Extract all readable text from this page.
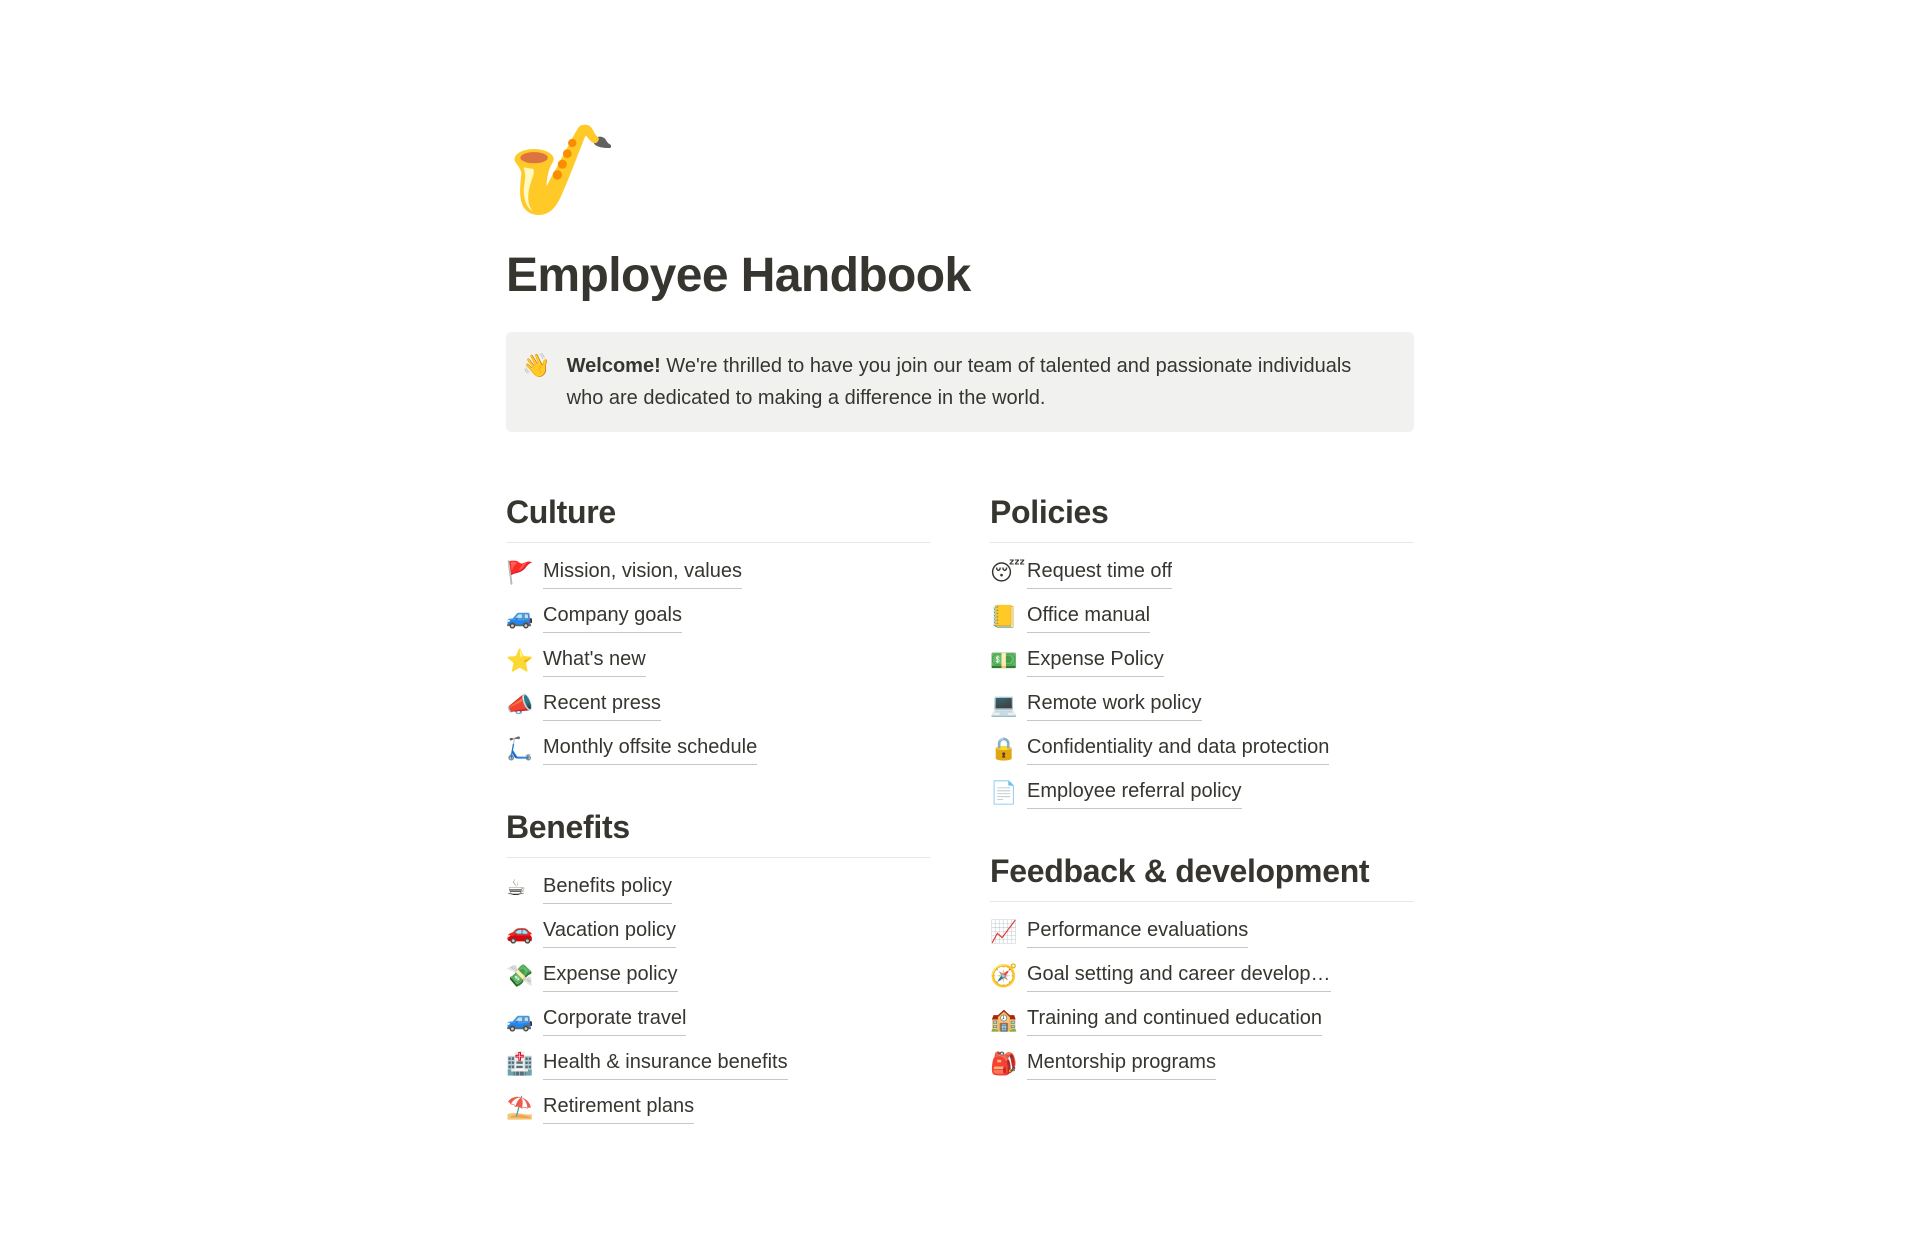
🎷
Employee Handbook
👋 Welcome! We're thrilled to have you join our team of talented and passionate individuals who are dedicated to making a difference in the world.
Culture
🚩 Mission, vision, values
🚙 Company goals
⭐ What's new
📣 Recent press
🛴 Monthly offsite schedule
Benefits
☕ Benefits policy
🚗 Vacation policy
💸 Expense policy
🚙 Corporate travel
🏥 Health & insurance benefits
⛱️ Retirement plans
Policies
😴 Request time off
📒 Office manual
💵 Expense Policy
💻 Remote work policy
🔒 Confidentiality and data protection
📄 Employee referral policy
Feedback & development
📈 Performance evaluations
🧭 Goal setting and career develop…
🏫 Training and continued education
🎒 Mentorship programs
